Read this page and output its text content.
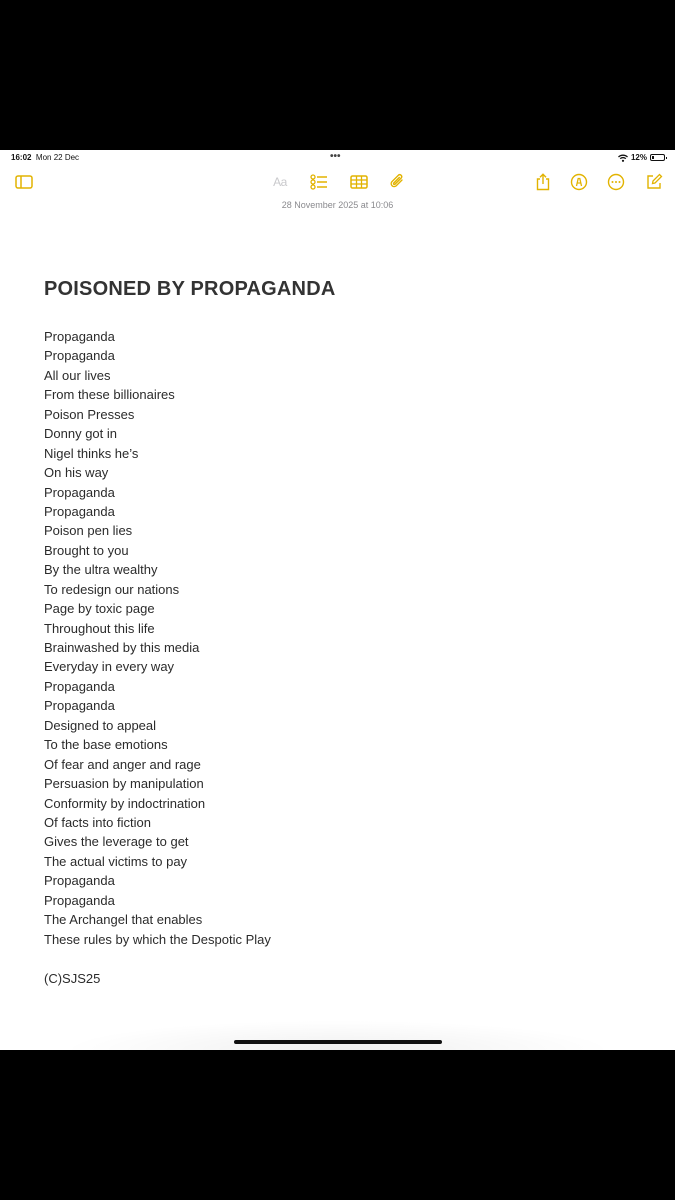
16:02 Mon 22 Dec	•••	12%
Aa
28 November 2025 at 10:06
POISONED BY PROPAGANDA
Propaganda
Propaganda
All our lives
From these billionaires
Poison Presses
Donny got in
Nigel thinks he’s
On his way
Propaganda
Propaganda
Poison pen lies
Brought to you
By the ultra wealthy
To redesign our nations
Page by toxic page
Throughout this life
Brainwashed by this media
Everyday in every way
Propaganda
Propaganda
Designed to appeal
To the base emotions
Of fear and anger and rage
Persuasion by manipulation
Conformity by indoctrination
Of facts into fiction
Gives the leverage to get
The actual victims to pay
Propaganda
Propaganda
The Archangel that enables
These rules by which the Despotic Play
(C)SJS25
